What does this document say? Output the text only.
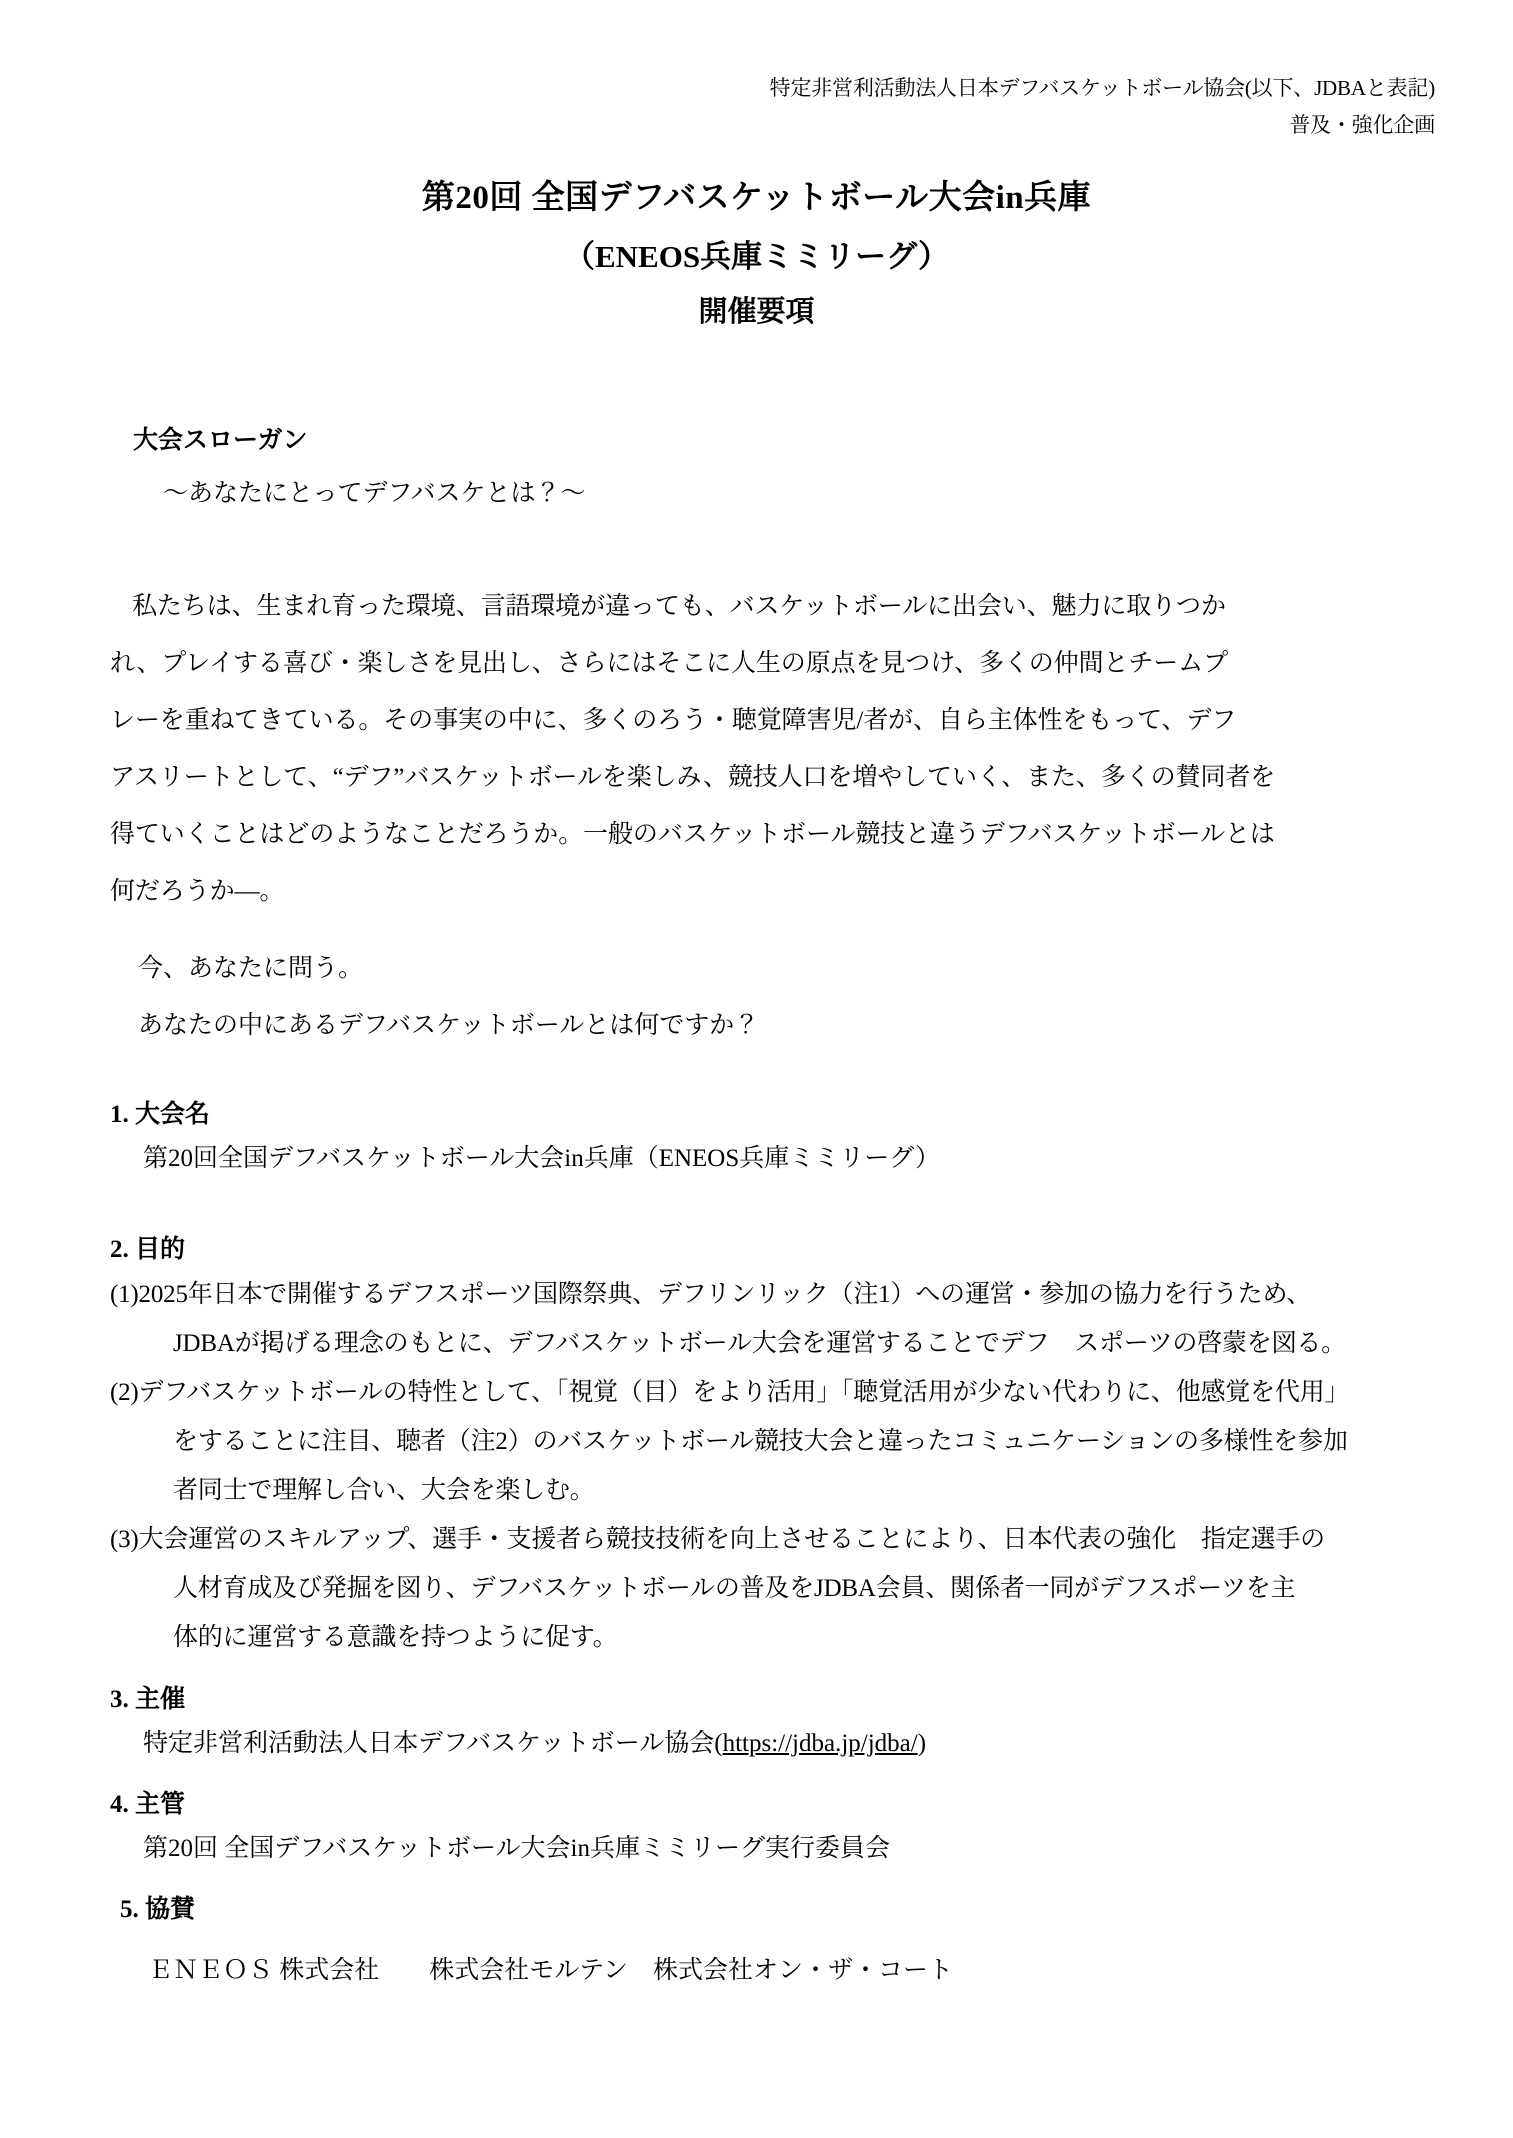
特定非営利活動法人日本デフバスケットボール協会(以下、JDBAと表記)
普及・強化企画
第20回 全国デフバスケットボール大会in兵庫
（ENEOS兵庫ミミリーグ）
開催要項
大会スローガン
〜あなたにとってデフバスケとは？〜
私たちは、生まれ育った環境、言語環境が違っても、バスケットボールに出会い、魅力に取りつか
れ、プレイする喜び・楽しさを見出し、さらにはそこに人生の原点を見つけ、多くの仲間とチームプ
レーを重ねてきている。その事実の中に、多くのろう・聴覚障害児/者が、自ら主体性をもって、デフ
アスリートとして、“デフ”バスケットボールを楽しみ、競技人口を増やしていく、また、多くの賛同者を
得ていくことはどのようなことだろうか。一般のバスケットボール競技と違うデフバスケットボールとは
何だろうか―。
今、あなたに問う。
あなたの中にあるデフバスケットボールとは何ですか？
1. 大会名
第20回全国デフバスケットボール大会in兵庫（ENEOS兵庫ミミリーグ）
2. 目的
(1)2025年日本で開催するデフスポーツ国際祭典、デフリンリック（注1）への運営・参加の協力を行うため、
JDBAが掲げる理念のもとに、デフバスケットボール大会を運営することでデフ　スポーツの啓蒙を図る。
(2)デフバスケットボールの特性として、「視覚（目）をより活用」「聴覚活用が少ない代わりに、他感覚を代用」
をすることに注目、聴者（注2）のバスケットボール競技大会と違ったコミュニケーションの多様性を参加
者同士で理解し合い、大会を楽しむ。
(3)大会運営のスキルアップ、選手・支援者ら競技技術を向上させることにより、日本代表の強化　指定選手の
人材育成及び発掘を図り、デフバスケットボールの普及をJDBA会員、関係者一同がデフスポーツを主
体的に運営する意識を持つように促す。
3. 主催
特定非営利活動法人日本デフバスケットボール協会(https://jdba.jp/jdba/)
4. 主管
第20回 全国デフバスケットボール大会in兵庫ミミリーグ実行委員会
5. 協賛
ＥＮＥＯＳ 株式会社　　株式会社モルテン　株式会社オン・ザ・コート
